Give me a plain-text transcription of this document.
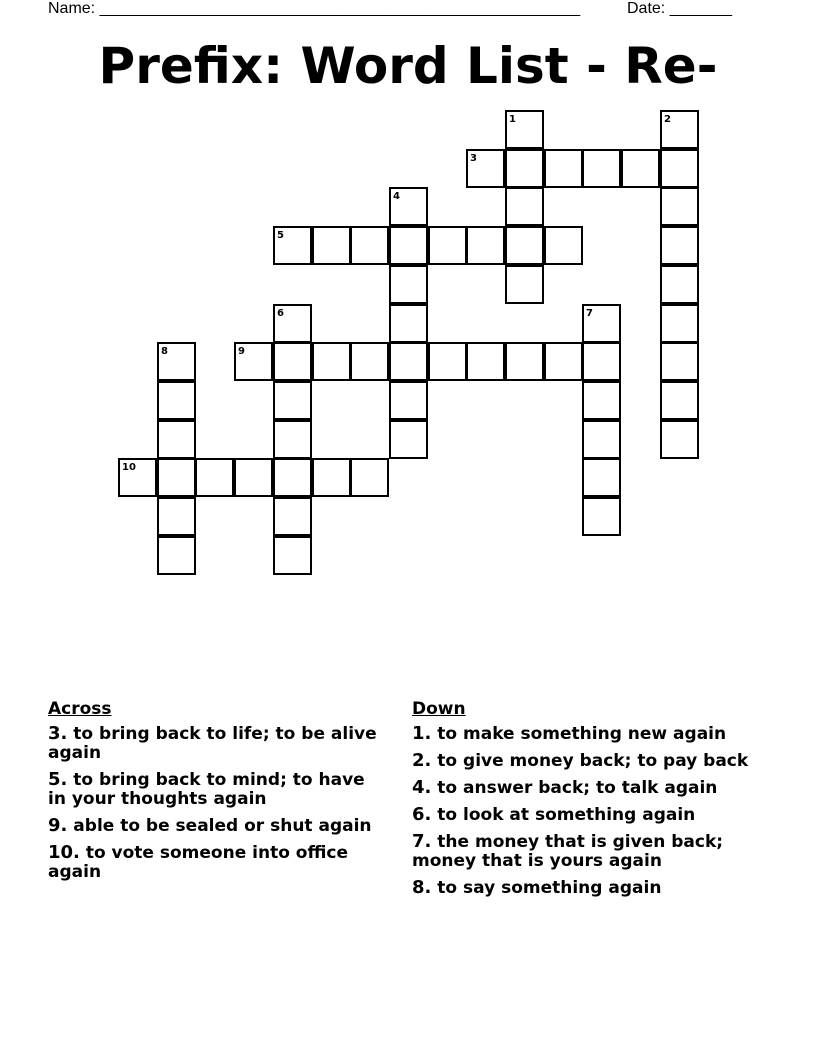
Name: ______________________________________________________	Date: _______
Prefix: Word List - Re-
1	2
3
4
5
6	7
8	9
10
Across
3. to bring back to life; to be alive again
5. to bring back to mind; to have in your thoughts again
9. able to be sealed or shut again
10. to vote someone into office again
Down
1. to make something new again
2. to give money back; to pay back
4. to answer back; to talk again
6. to look at something again
7. the money that is given back; money that is yours again
8. to say something again
